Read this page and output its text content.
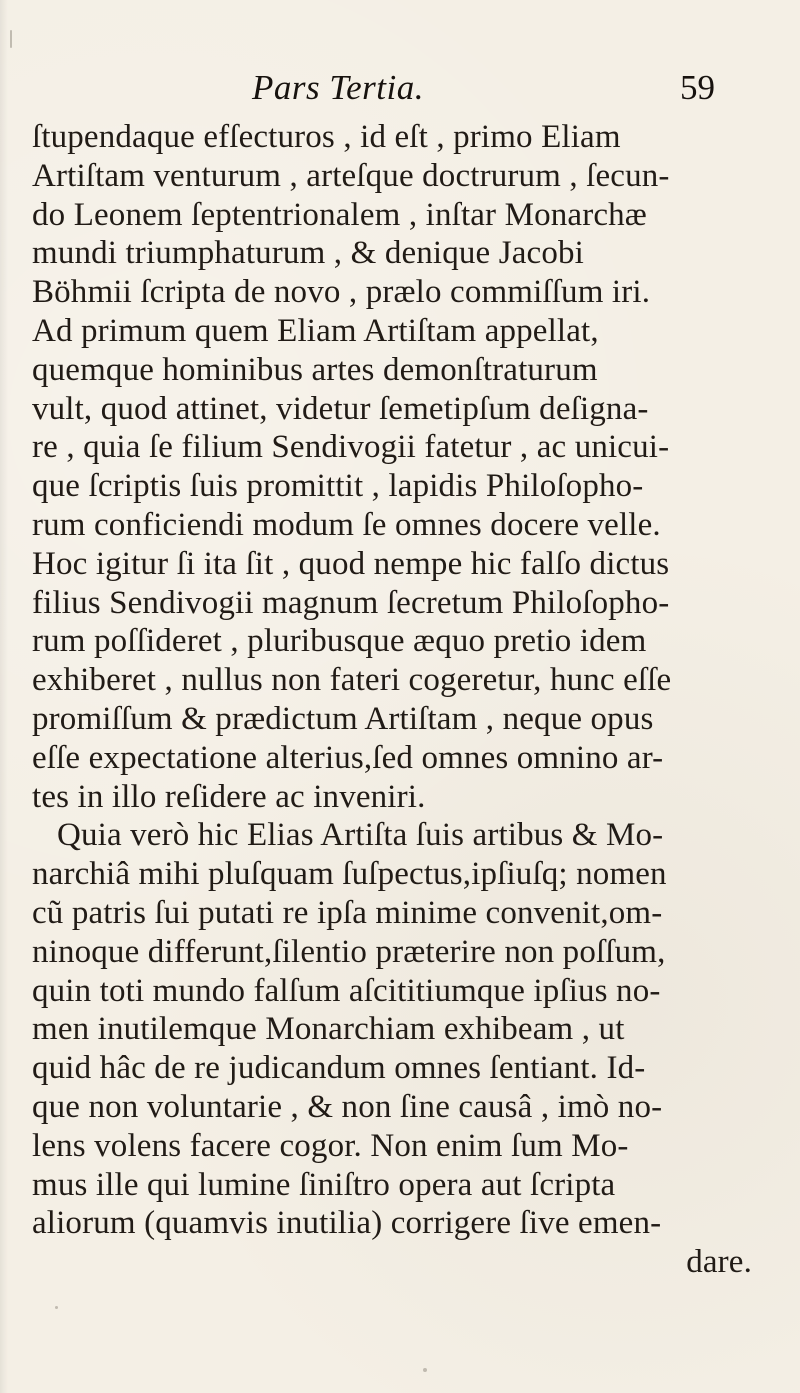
Pars Tertia.	59
ſtupendaque efſecturos , id eſt , primo Eliam
Artiſtam venturum , arteſque doctrurum , ſecun-
do Leonem ſeptentrionalem , inſtar Monarchæ
mundi triumphaturum , & denique Jacobi
Böhmii ſcripta de novo , prælo commiſſum iri.
Ad primum quem Eliam Artiſtam appellat,
quemque hominibus artes demonſtraturum
vult, quod attinet, videtur ſemetipſum deſigna-
re , quia ſe filium Sendivogii fatetur , ac unicui-
que ſcriptis ſuis promittit , lapidis Philoſopho-
rum conficiendi modum ſe omnes docere velle.
Hoc igitur ſi ita ſit , quod nempe hic falſo dictus
filius Sendivogii magnum ſecretum Philoſopho-
rum poſſideret , pluribusque æquo pretio idem
exhiberet , nullus non fateri cogeretur, hunc eſſe
promiſſum & prædictum Artiſtam , neque opus
eſſe expectatione alterius,ſed omnes omnino ar-
tes in illo reſidere ac inveniri.
Quia verò hic Elias Artiſta ſuis artibus & Mo-
narchiâ mihi pluſquam ſuſpectus,ipſiuſq; nomen
cũ patris ſui putati re ipſa minime convenit,om-
ninoque differunt,ſilentio præterire non poſſum,
quin toti mundo falſum aſcititiumque ipſius no-
men inutilemque Monarchiam exhibeam , ut
quid hâc de re judicandum omnes ſentiant. Id-
que non voluntarie , & non ſine causâ , imò no-
lens volens facere cogor. Non enim ſum Mo-
mus ille qui lumine ſiniſtro opera aut ſcripta
aliorum (quamvis inutilia) corrigere ſive emen-
dare.
